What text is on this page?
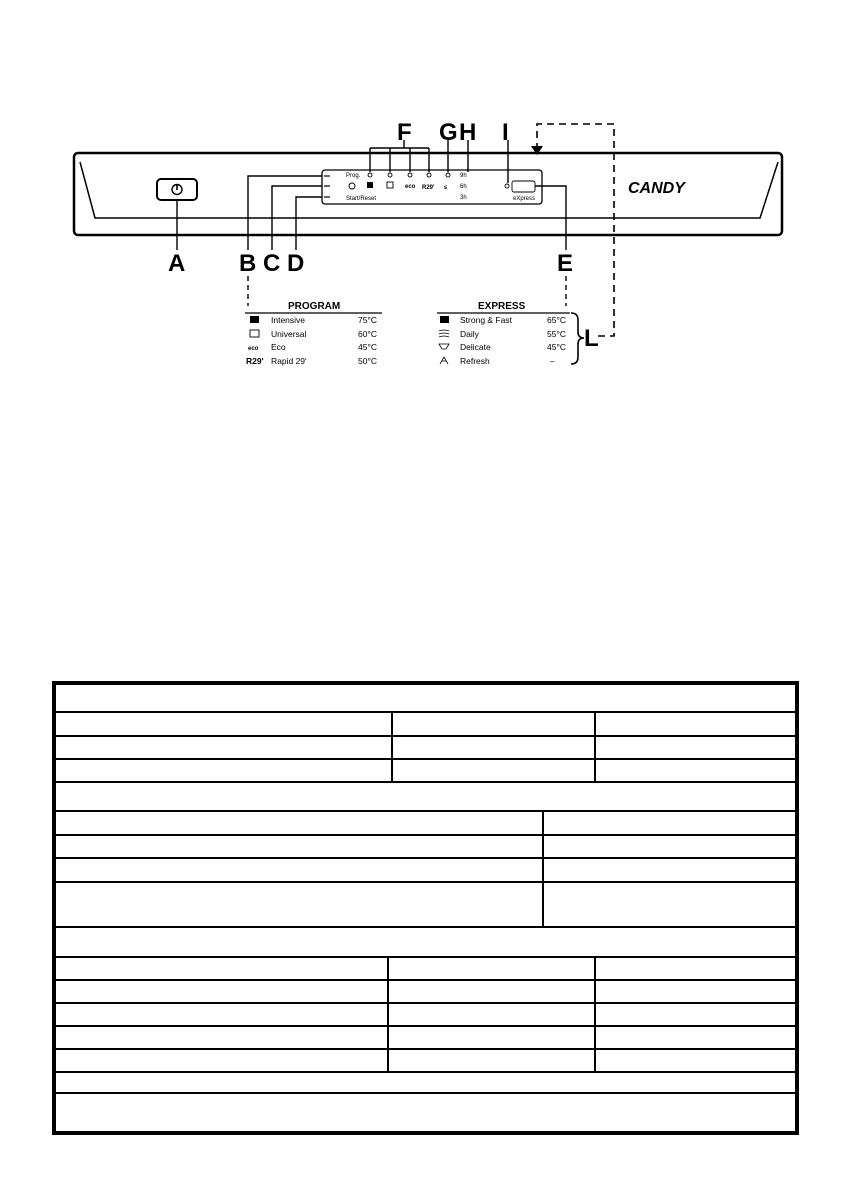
Prog.
Start/Reset
eco R29' ≤
9h
6h
3h	eXpress
CANDY
A B C D	E
F G H I
L
PROGRAM
Intensive	75°C
Universal	60°C
eco Eco	45°C
R29' Rapid 29'	50°C
EXPRESS
Strong & Fast	65°C
Daily	55°C
Delicate	45°C
Refresh	–
